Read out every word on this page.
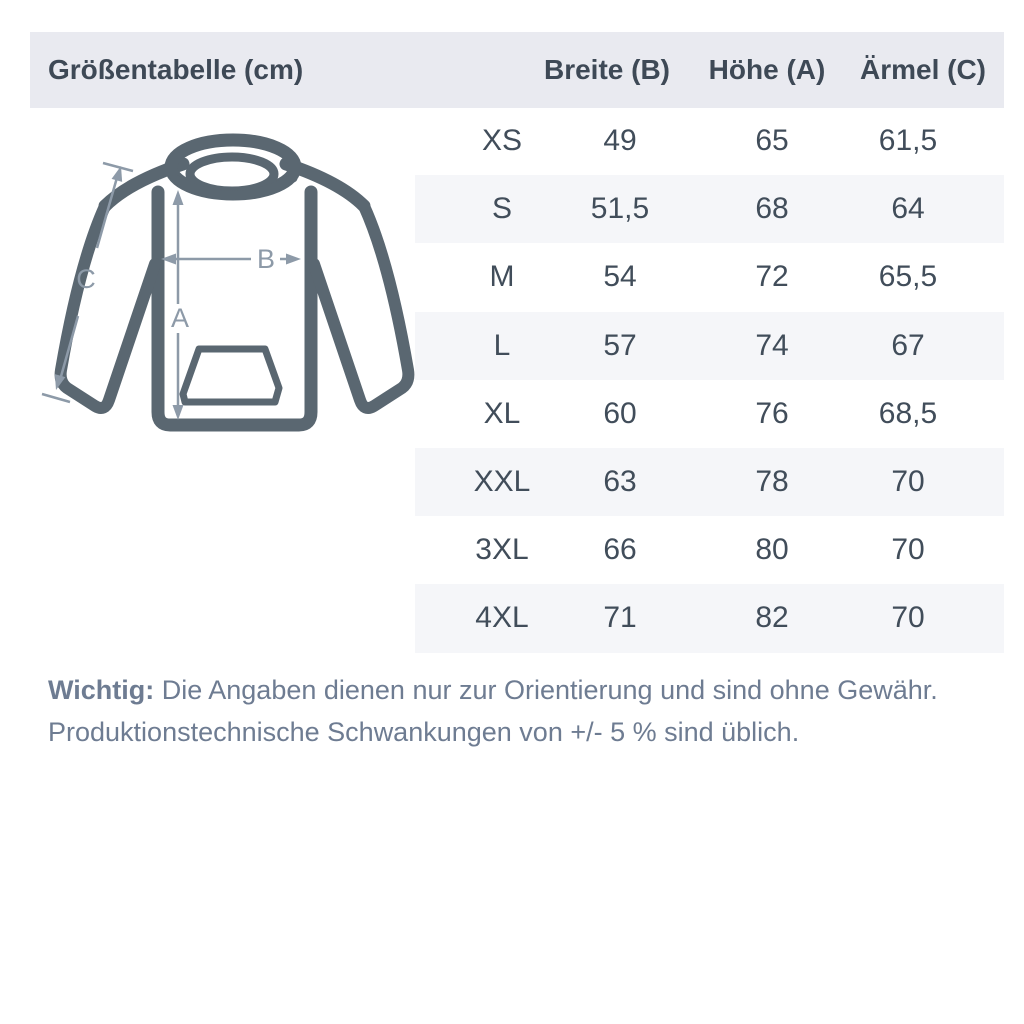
Größentabelle (cm)	Breite (B) Höhe (A) Ärmel (C)
A
B
C
XS	49	65	61,5
S	51,5	68	64
M	54	72	65,5
L	57	74	67
XL	60	76	68,5
XXL 63	78	70
3XL 66	80	70
4XL 71	82	70

Wichtig: Die Angaben dienen nur zur Orientierung und sind ohne Gewähr.

Produktionstechnische Schwankungen von +/- 5 % sind üblich.
